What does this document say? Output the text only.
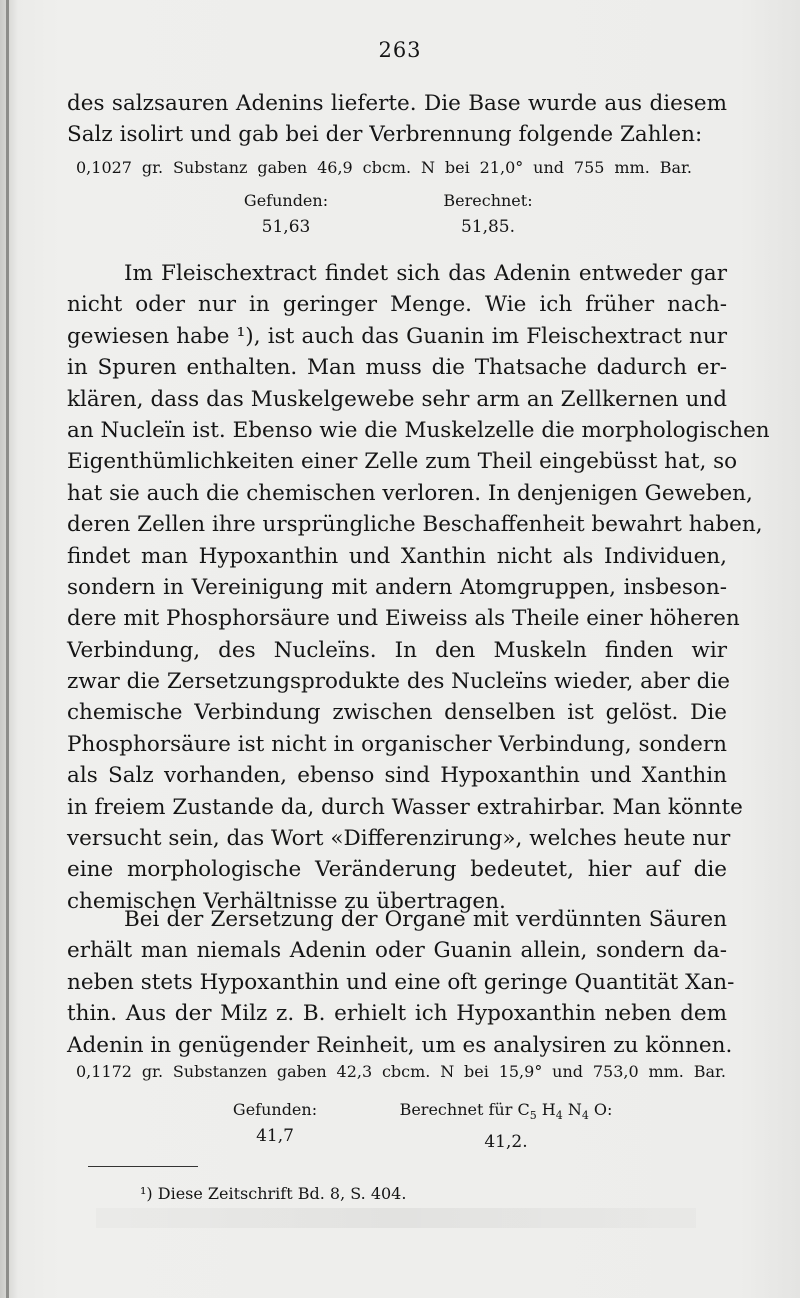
263
des salzsauren Adenins lieferte. Die Base wurde aus diesem
Salz isolirt und gab bei der Verbrennung folgende Zahlen:
0,1027 gr. Substanz gaben 46,9 cbcm. N bei 21,0° und 755 mm. Bar.
Gefunden:
51,63
Berechnet:
51,85.
Im Fleischextract findet sich das Adenin entweder gar
nicht oder nur in geringer Menge. Wie ich früher nach-
gewiesen habe ¹), ist auch das Guanin im Fleischextract nur
in Spuren enthalten. Man muss die Thatsache dadurch er-
klären, dass das Muskelgewebe sehr arm an Zellkernen und
an Nucleïn ist. Ebenso wie die Muskelzelle die morphologischen
Eigenthümlichkeiten einer Zelle zum Theil eingebüsst hat, so
hat sie auch die chemischen verloren. In denjenigen Geweben,
deren Zellen ihre ursprüngliche Beschaffenheit bewahrt haben,
findet man Hypoxanthin und Xanthin nicht als Individuen,
sondern in Vereinigung mit andern Atomgruppen, insbeson-
dere mit Phosphorsäure und Eiweiss als Theile einer höheren
Verbindung, des Nucleïns. In den Muskeln finden wir
zwar die Zersetzungsprodukte des Nucleïns wieder, aber die
chemische Verbindung zwischen denselben ist gelöst. Die
Phosphorsäure ist nicht in organischer Verbindung, sondern
als Salz vorhanden, ebenso sind Hypoxanthin und Xanthin
in freiem Zustande da, durch Wasser extrahirbar. Man könnte
versucht sein, das Wort «Differenzirung», welches heute nur
eine morphologische Veränderung bedeutet, hier auf die
chemischen Verhältnisse zu übertragen.
Bei der Zersetzung der Organe mit verdünnten Säuren
erhält man niemals Adenin oder Guanin allein, sondern da-
neben stets Hypoxanthin und eine oft geringe Quantität Xan-
thin. Aus der Milz z. B. erhielt ich Hypoxanthin neben dem
Adenin in genügender Reinheit, um es analysiren zu können.
0,1172 gr. Substanzen gaben 42,3 cbcm. N bei 15,9° und 753,0 mm. Bar.
Gefunden:
41,7
Berechnet für $C_5$ $H_4$ $N_4$ O:
41,2.
¹) Diese Zeitschrift Bd. 8, S. 404.
